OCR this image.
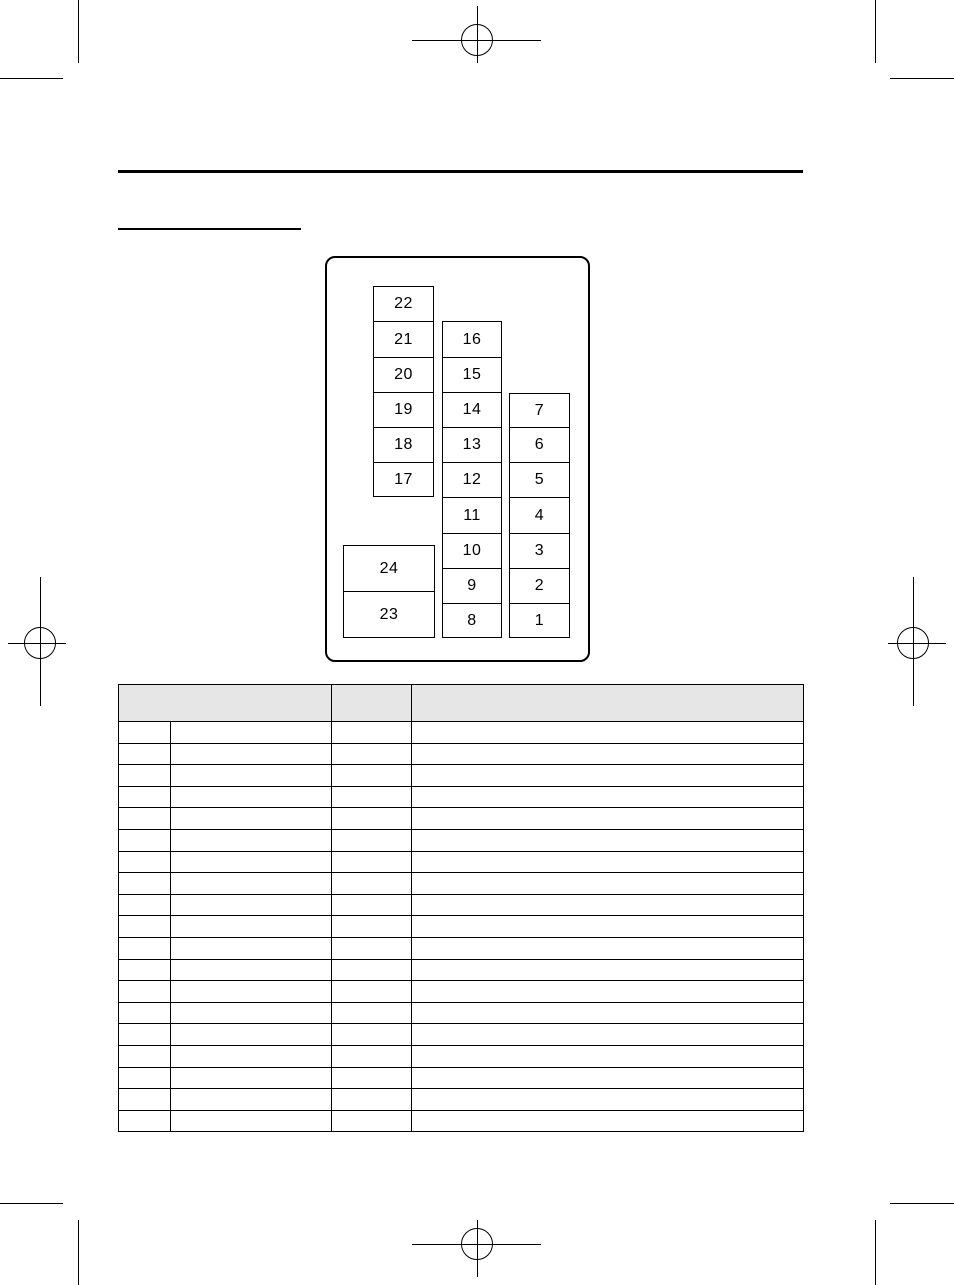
22
21
20
19
18
17
24
23
16
15
14
13
12
11
10
9
8
7
6
5
4
3
2
1
